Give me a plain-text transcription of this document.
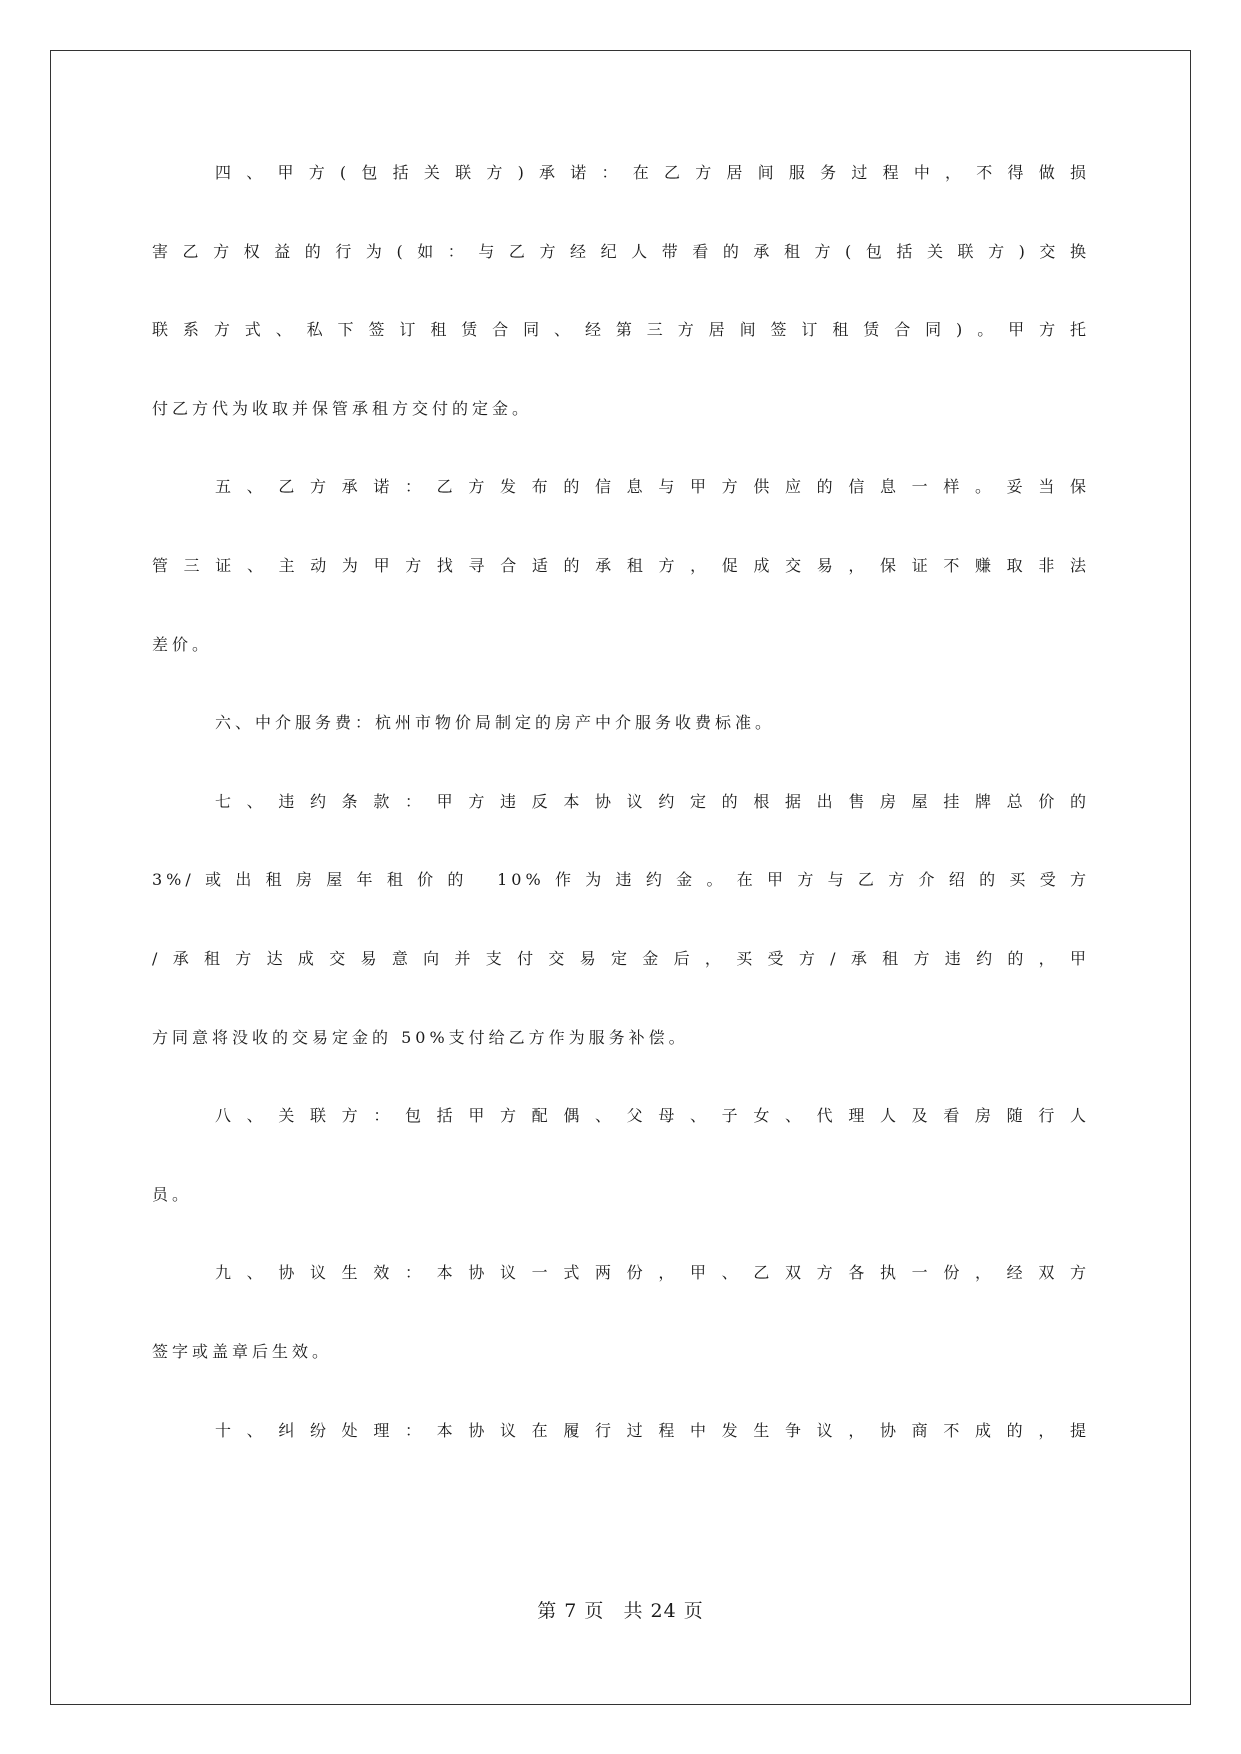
四、甲方(包括关联方)承诺：在乙方居间服务过程中，不得做损
害乙方权益的行为(如：与乙方经纪人带看的承租方(包括关联方)交换
联系方式、私下签订租赁合同、经第三方居间签订租赁合同)。甲方托
付乙方代为收取并保管承租方交付的定金。
五、乙方承诺：乙方发布的信息与甲方供应的信息一样。妥当保
管三证、主动为甲方找寻合适的承租方，促成交易，保证不赚取非法
差价。
六、中介服务费：杭州市物价局制定的房产中介服务收费标准。
七、违约条款：甲方违反本协议约定的根据出售房屋挂牌总价的
3%/或出租房屋年租价的 10%作为违约金。在甲方与乙方介绍的买受方
/承租方达成交易意向并支付交易定金后，买受方/承租方违约的，甲
方同意将没收的交易定金的 50%支付给乙方作为服务补偿。
八、关联方：包括甲方配偶、父母、子女、代理人及看房随行人
员。
九、协议生效：本协议一式两份，甲、乙双方各执一份，经双方
签字或盖章后生效。
十、纠纷处理：本协议在履行过程中发生争议，协商不成的，提
第 7 页 共 24 页
